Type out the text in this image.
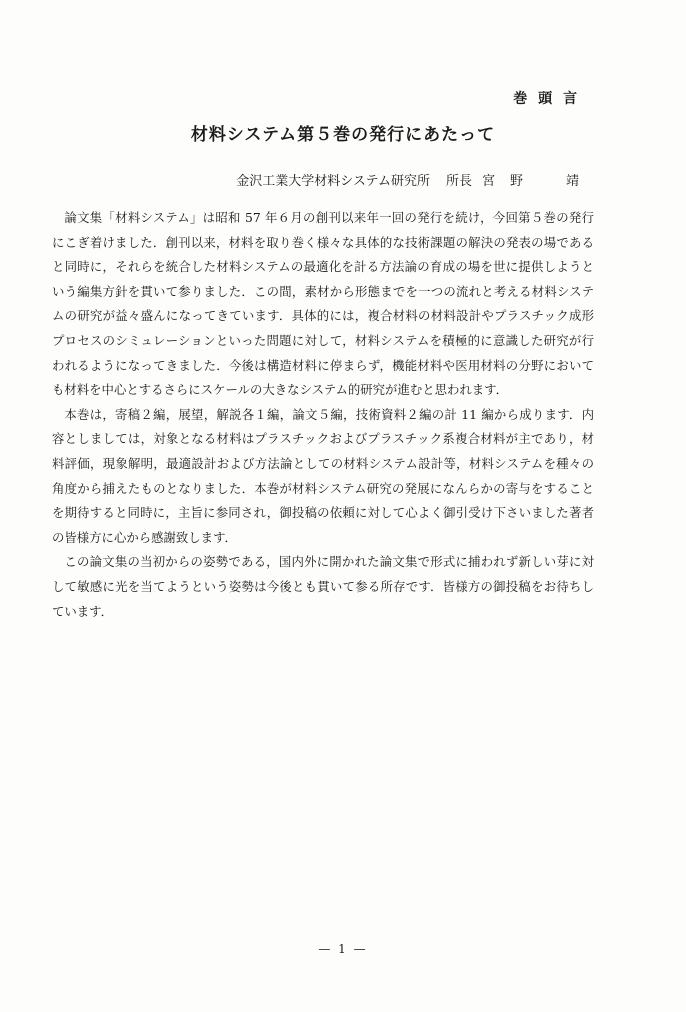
巻 頭 言
材料システム第５巻の発行にあたって
金沢工業大学材料システム研究所 所長 宮　野　　　靖

論文集「材料システム」は昭和 57 年６月の創刊以来年一回の発行を続け，今回第５巻の発行にこぎ着けました．創刊以来，材料を取り巻く様々な具体的な技術課題の解決の発表の場であると同時に，それらを統合した材料システムの最適化を計る方法論の育成の場を世に提供しようという編集方針を貫いて参りました．この間，素材から形態までを一つの流れと考える材料システムの研究が益々盛んになってきています．具体的には，複合材料の材料設計やプラスチック成形プロセスのシミュレーションといった問題に対して，材料システムを積極的に意識した研究が行われるようになってきました．今後は構造材料に停まらず，機能材料や医用材料の分野においても材料を中心とするさらにスケールの大きなシステム的研究が進むと思われます．

本巻は，寄稿２編，展望，解説各１編，論文５編，技術資料２編の計 11 編から成ります．内容としましては，対象となる材料はプラスチックおよびプラスチック系複合材料が主であり，材料評価，現象解明，最適設計および方法論としての材料システム設計等，材料システムを種々の角度から捕えたものとなりました．本巻が材料システム研究の発展になんらかの寄与をすることを期待すると同時に，主旨に参同され，御投稿の依頼に対して心よく御引受け下さいました著者の皆様方に心から感謝致します．

この論文集の当初からの姿勢である，国内外に開かれた論文集で形式に捕われず新しい芽に対して敏感に光を当てようという姿勢は今後とも貫いて参る所存です．皆様方の御投稿をお待ちしています．

— 1 —
